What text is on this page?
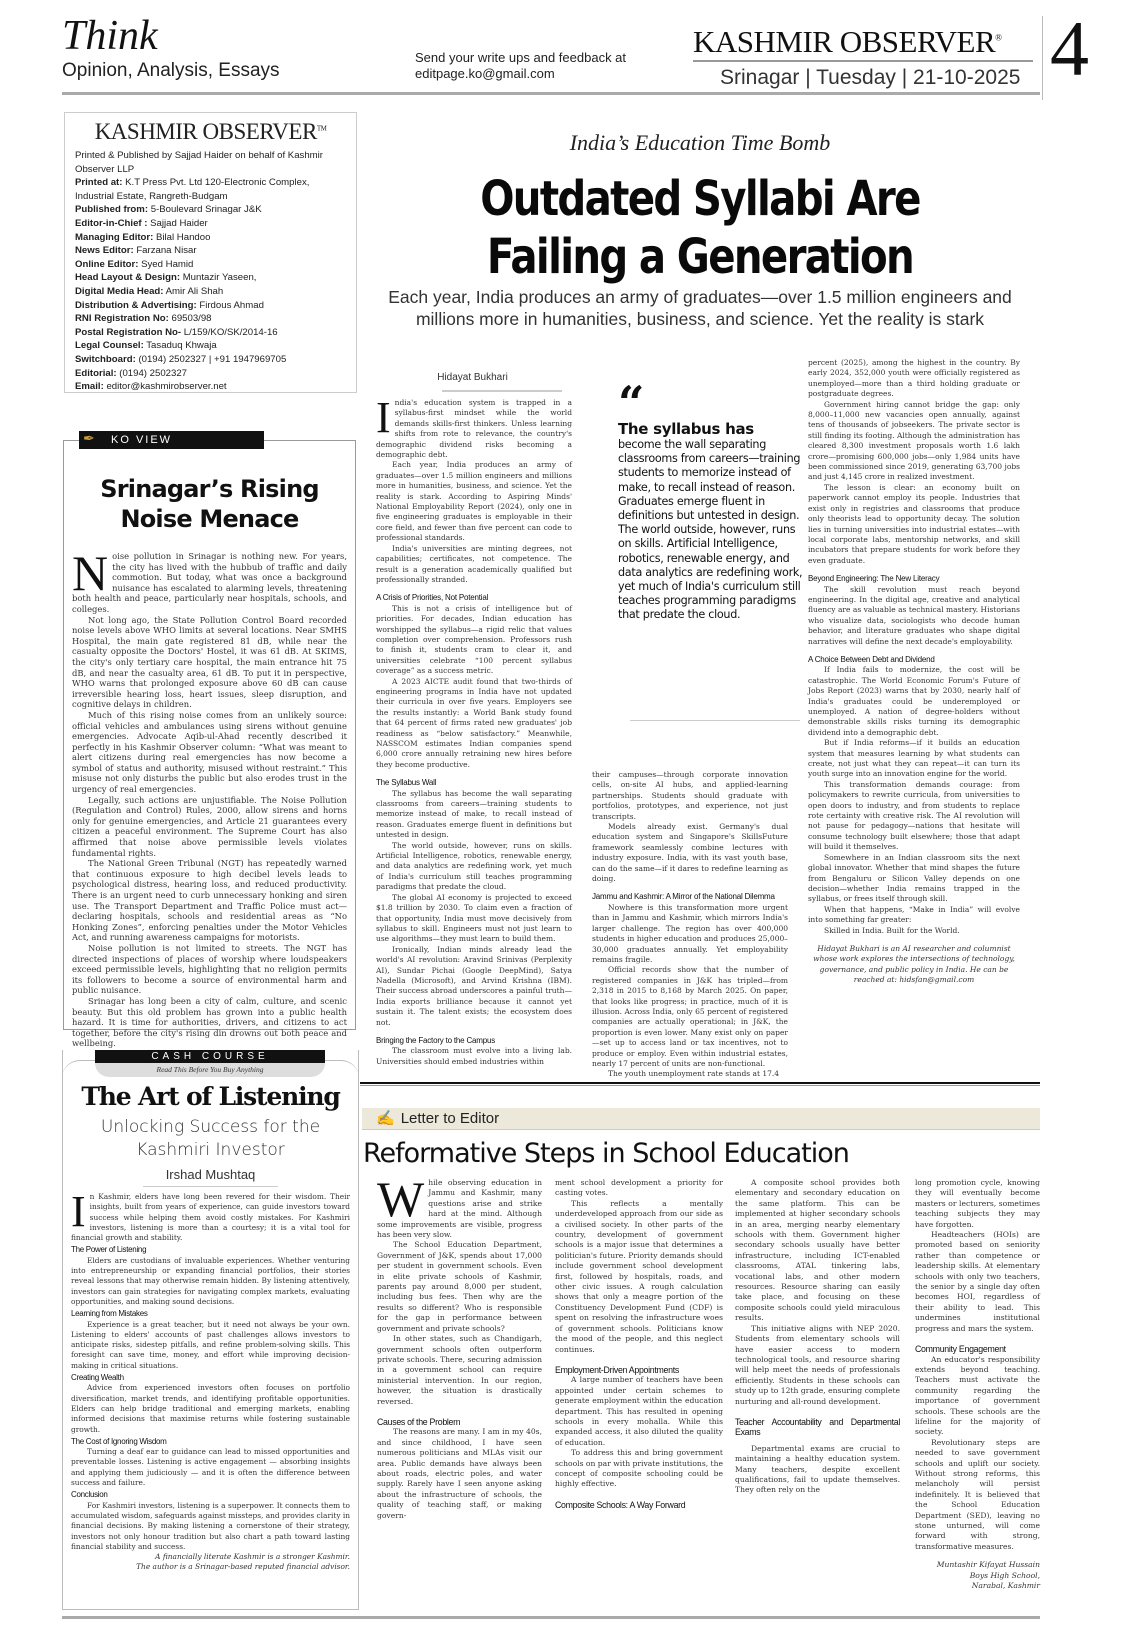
Think
Opinion, Analysis, Essays
Send your write ups and feedback at
editpage.ko@gmail.com
KASHMIR OBSERVER®
Srinagar | Tuesday | 21-10-2025 4
KASHMIR OBSERVER™

Printed & Published by Sajjad Haider on behalf of Kashmir Observer LLP

Printed at: K.T Press Pvt. Ltd 120-Electronic Complex, Industrial Estate, Rangreth-Budgam

Published from: 5-Boulevard Srinagar J&K

Editor-in-Chief : Sajjad Haider

Managing Editor: Bilal Handoo

News Editor: Farzana Nisar

Online Editor: Syed Hamid

Head Layout & Design: Muntazir Yaseen,

Digital Media Head: Amir Ali Shah

Distribution & Advertising: Firdous Ahmad

RNI Registration No: 69503/98

Postal Registration No- L/159/KO/SK/2014-16

Legal Counsel: Tasaduq Khwaja

Switchboard: (0194) 2502327 | +91 1947969705

Editorial: (0194) 2502327

Email: editor@kashmirobserver.net

✒ KO VIEW
Srinagar’s Rising
Noise Menace

Noise pollution in Srinagar is nothing new. For years, the city has lived with the hubbub of traffic and daily commotion. But today, what was once a background nuisance has escalated to alarming levels, threatening both health and peace, particularly near hospitals, schools, and colleges.

Not long ago, the State Pollution Control Board recorded noise levels above WHO limits at several locations. Near SMHS Hospital, the main gate registered 81 dB, while near the casualty opposite the Doctors' Hostel, it was 61 dB. At SKIMS, the city's only tertiary care hospital, the main entrance hit 75 dB, and near the casualty area, 61 dB. To put it in perspective, WHO warns that prolonged exposure above 60 dB can cause irreversible hearing loss, heart issues, sleep disruption, and cognitive delays in children.

Much of this rising noise comes from an unlikely source: official vehicles and ambulances using sirens without genuine emergencies. Advocate Aqib-ul-Ahad recently described it perfectly in his Kashmir Observer column: “What was meant to alert citizens during real emergencies has now become a symbol of status and authority, misused without restraint.” This misuse not only disturbs the public but also erodes trust in the urgency of real emergencies.

Legally, such actions are unjustifiable. The Noise Pollution (Regulation and Control) Rules, 2000, allow sirens and horns only for genuine emergencies, and Article 21 guarantees every citizen a peaceful environment. The Supreme Court has also affirmed that noise above permissible levels violates fundamental rights.

The National Green Tribunal (NGT) has repeatedly warned that continuous exposure to high decibel levels leads to psychological distress, hearing loss, and reduced productivity. There is an urgent need to curb unnecessary honking and siren use. The Transport Department and Traffic Police must act—declaring hospitals, schools and residential areas as “No Honking Zones”, enforcing penalties under the Motor Vehicles Act, and running awareness campaigns for motorists.

Noise pollution is not limited to streets. The NGT has directed inspections of places of worship where loudspeakers exceed permissible levels, highlighting that no religion permits its followers to become a source of environmental harm and public nuisance.

Srinagar has long been a city of calm, culture, and scenic beauty. But this old problem has grown into a public health hazard. It is time for authorities, drivers, and citizens to act together, before the city's rising din drowns out both peace and wellbeing.

CASH COURSE
Read This Before You Buy Anything
The Art of Listening
Unlocking Success for the
Kashmiri Investor
Irshad Mushtaq

In Kashmir, elders have long been revered for their wisdom. Their insights, built from years of experience, can guide investors toward success while helping them avoid costly mistakes. For Kashmiri investors, listening is more than a courtesy; it is a vital tool for financial growth and stability.

The Power of Listening

Elders are custodians of invaluable experiences. Whether venturing into entrepreneurship or expanding financial portfolios, their stories reveal lessons that may otherwise remain hidden. By listening attentively, investors can gain strategies for navigating complex markets, evaluating opportunities, and making sound decisions.

Learning from Mistakes

Experience is a great teacher, but it need not always be your own. Listening to elders' accounts of past challenges allows investors to anticipate risks, sidestep pitfalls, and refine problem-solving skills. This foresight can save time, money, and effort while improving decision-making in critical situations.

Creating Wealth

Advice from experienced investors often focuses on portfolio diversification, market trends, and identifying profitable opportunities. Elders can help bridge traditional and emerging markets, enabling informed decisions that maximise returns while fostering sustainable growth.

The Cost of Ignoring Wisdom

Turning a deaf ear to guidance can lead to missed opportunities and preventable losses. Listening is active engagement — absorbing insights and applying them judiciously — and it is often the difference between success and failure.

Conclusion

For Kashmiri investors, listening is a superpower. It connects them to accumulated wisdom, safeguards against missteps, and provides clarity in financial decisions. By making listening a cornerstone of their strategy, investors not only honour tradition but also chart a path toward lasting financial stability and success.

A financially literate Kashmir is a stronger Kashmir.

The author is a Srinagar-based reputed financial advisor.

India’s Education Time Bomb
Outdated Syllabi Are
Failing a Generation
Each year, India produces an army of graduates—over 1.5 million engineers and millions more in humanities, business, and science. Yet the reality is stark
Hidayat Bukhari

India's education system is trapped in a syllabus-first mindset while the world demands skills-first thinkers. Unless learning shifts from rote to relevance, the country's demographic dividend risks becoming a demographic debt.

Each year, India produces an army of graduates—over 1.5 million engineers and millions more in humanities, business, and science. Yet the reality is stark. According to Aspiring Minds' National Employability Report (2024), only one in five engineering graduates is employable in their core field, and fewer than five percent can code to professional standards.

India's universities are minting degrees, not capabilities; certificates, not competence. The result is a generation academically qualified but professionally stranded.

A Crisis of Priorities, Not Potential

This is not a crisis of intelligence but of priorities. For decades, Indian education has worshipped the syllabus—a rigid relic that values completion over comprehension. Professors rush to finish it, students cram to clear it, and universities celebrate “100 percent syllabus coverage” as a success metric.

A 2023 AICTE audit found that two-thirds of engineering programs in India have not updated their curricula in over five years. Employers see the results instantly: a World Bank study found that 64 percent of firms rated new graduates' job readiness as “below satisfactory.” Meanwhile, NASSCOM estimates Indian companies spend 6,000 crore annually retraining new hires before they become productive.

The Syllabus Wall

The syllabus has become the wall separating classrooms from careers—training students to memorize instead of make, to recall instead of reason. Graduates emerge fluent in definitions but untested in design.

The world outside, however, runs on skills. Artificial Intelligence, robotics, renewable energy, and data analytics are redefining work, yet much of India's curriculum still teaches programming paradigms that predate the cloud.

The global AI economy is projected to exceed $1.8 trillion by 2030. To claim even a fraction of that opportunity, India must move decisively from syllabus to skill. Engineers must not just learn to use algorithms—they must learn to build them.

Ironically, Indian minds already lead the world's AI revolution: Aravind Srinivas (Perplexity AI), Sundar Pichai (Google DeepMind), Satya Nadella (Microsoft), and Arvind Krishna (IBM). Their success abroad underscores a painful truth—India exports brilliance because it cannot yet sustain it. The talent exists; the ecosystem does not.

Bringing the Factory to the Campus

The classroom must evolve into a living lab. Universities should embed industries within

“
The syllabus has
become the wall separating classrooms from careers—training students to memorize instead of make, to recall instead of reason. Graduates emerge fluent in definitions but untested in design. The world outside, however, runs on skills. Artificial Intelligence, robotics, renewable energy, and data analytics are redefining work, yet much of India's curriculum still teaches programming paradigms that predate the cloud.

their campuses—through corporate innovation cells, on-site AI hubs, and applied-learning partnerships. Students should graduate with portfolios, prototypes, and experience, not just transcripts.

Models already exist. Germany's dual education system and Singapore's SkillsFuture framework seamlessly combine lectures with industry exposure. India, with its vast youth base, can do the same—if it dares to redefine learning as doing.

Jammu and Kashmir: A Mirror of the National Dilemma

Nowhere is this transformation more urgent than in Jammu and Kashmir, which mirrors India's larger challenge. The region has over 400,000 students in higher education and produces 25,000–30,000 graduates annually. Yet employability remains fragile.

Official records show that the number of registered companies in J&K has tripled—from 2,318 in 2015 to 8,168 by March 2025. On paper, that looks like progress; in practice, much of it is illusion. Across India, only 65 percent of registered companies are actually operational; in J&K, the proportion is even lower. Many exist only on paper—set up to access land or tax incentives, not to produce or employ. Even within industrial estates, nearly 17 percent of units are non-functional.

The youth unemployment rate stands at 17.4

percent (2025), among the highest in the country. By early 2024, 352,000 youth were officially registered as unemployed—more than a third holding graduate or postgraduate degrees.

Government hiring cannot bridge the gap: only 8,000–11,000 new vacancies open annually, against tens of thousands of jobseekers. The private sector is still finding its footing. Although the administration has cleared 8,300 investment proposals worth 1.6 lakh crore—promising 600,000 jobs—only 1,984 units have been commissioned since 2019, generating 63,700 jobs and just 4,145 crore in realized investment.

The lesson is clear: an economy built on paperwork cannot employ its people. Industries that exist only in registries and classrooms that produce only theorists lead to opportunity decay. The solution lies in turning universities into industrial estates—with local corporate labs, mentorship networks, and skill incubators that prepare students for work before they even graduate.

Beyond Engineering: The New Literacy

The skill revolution must reach beyond engineering. In the digital age, creative and analytical fluency are as valuable as technical mastery. Historians who visualize data, sociologists who decode human behavior, and literature graduates who shape digital narratives will define the next decade's employability.

A Choice Between Debt and Dividend

If India fails to modernize, the cost will be catastrophic. The World Economic Forum's Future of Jobs Report (2023) warns that by 2030, nearly half of India's graduates could be underemployed or unemployed. A nation of degree-holders without demonstrable skills risks turning its demographic dividend into a demographic debt.

But if India reforms—if it builds an education system that measures learning by what students can create, not just what they can repeat—it can turn its youth surge into an innovation engine for the world.

This transformation demands courage: from policymakers to rewrite curricula, from universities to open doors to industry, and from students to replace rote certainty with creative risk. The AI revolution will not pause for pedagogy—nations that hesitate will consume technology built elsewhere; those that adapt will build it themselves.

Somewhere in an Indian classroom sits the next global innovator. Whether that mind shapes the future from Bengaluru or Silicon Valley depends on one decision—whether India remains trapped in the syllabus, or frees itself through skill.

When that happens, “Make in India” will evolve into something far greater:

Skilled in India. Built for the World.

Hidayat Bukhari is an AI researcher and columnist whose work explores the intersections of technology, governance, and public policy in India. He can be reached at: hidsfan@gmail.com

✍ Letter to Editor
Reformative Steps in School Education

While observing education in Jammu and Kashmir, many questions arise and strike hard at the mind. Although some improvements are visible, progress has been very slow.

The School Education Department, Government of J&K, spends about 17,000 per student in government schools. Even in elite private schools of Kashmir, parents pay around 8,000 per student, including bus fees. Then why are the results so different? Who is responsible for the gap in performance between government and private schools?

In other states, such as Chandigarh, government schools often outperform private schools. There, securing admission in a government school can require ministerial intervention. In our region, however, the situation is drastically reversed.

Causes of the Problem

The reasons are many. I am in my 40s, and since childhood, I have seen numerous politicians and MLAs visit our area. Public demands have always been about roads, electric poles, and water supply. Rarely have I seen anyone asking about the infrastructure of schools, the quality of teaching staff, or making govern-

ment school development a priority for casting votes.

This reflects a mentally underdeveloped approach from our side as a civilised society. In other parts of the country, development of government schools is a major issue that determines a politician's future. Priority demands should include government school development first, followed by hospitals, roads, and other civic issues. A rough calculation shows that only a meagre portion of the Constituency Development Fund (CDF) is spent on resolving the infrastructure woes of government schools. Politicians know the mood of the people, and this neglect continues.

Employment-Driven Appointments

A large number of teachers have been appointed under certain schemes to generate employment within the education department. This has resulted in opening schools in every mohalla. While this expanded access, it also diluted the quality of education.

To address this and bring government schools on par with private institutions, the concept of composite schooling could be highly effective.

Composite Schools: A Way Forward

A composite school provides both elementary and secondary education on the same platform. This can be implemented at higher secondary schools in an area, merging nearby elementary schools with them. Government higher secondary schools usually have better infrastructure, including ICT-enabled classrooms, ATAL tinkering labs, vocational labs, and other modern resources. Resource sharing can easily take place, and focusing on these composite schools could yield miraculous results.

This initiative aligns with NEP 2020. Students from elementary schools will have easier access to modern technological tools, and resource sharing will help meet the needs of professionals efficiently. Students in these schools can study up to 12th grade, ensuring complete nurturing and all-round development.

Teacher Accountability and Departmental Exams

Departmental exams are crucial to maintaining a healthy education system. Many teachers, despite excellent qualifications, fail to update themselves. They often rely on the

long promotion cycle, knowing they will eventually become masters or lecturers, sometimes teaching subjects they may have forgotten.

Headteachers (HOIs) are promoted based on seniority rather than competence or leadership skills. At elementary schools with only two teachers, the senior by a single day often becomes HOI, regardless of their ability to lead. This undermines institutional progress and mars the system.

Community Engagement

An educator's responsibility extends beyond teaching. Teachers must activate the community regarding the importance of government schools. These schools are the lifeline for the majority of society.

Revolutionary steps are needed to save government schools and uplift our society. Without strong reforms, this melancholy will persist indefinitely. It is believed that the School Education Department (SED), leaving no stone unturned, will come forward with strong, transformative measures.

Muntashir Kifayat Hussain
Boys High School,
Narabal, Kashmir
